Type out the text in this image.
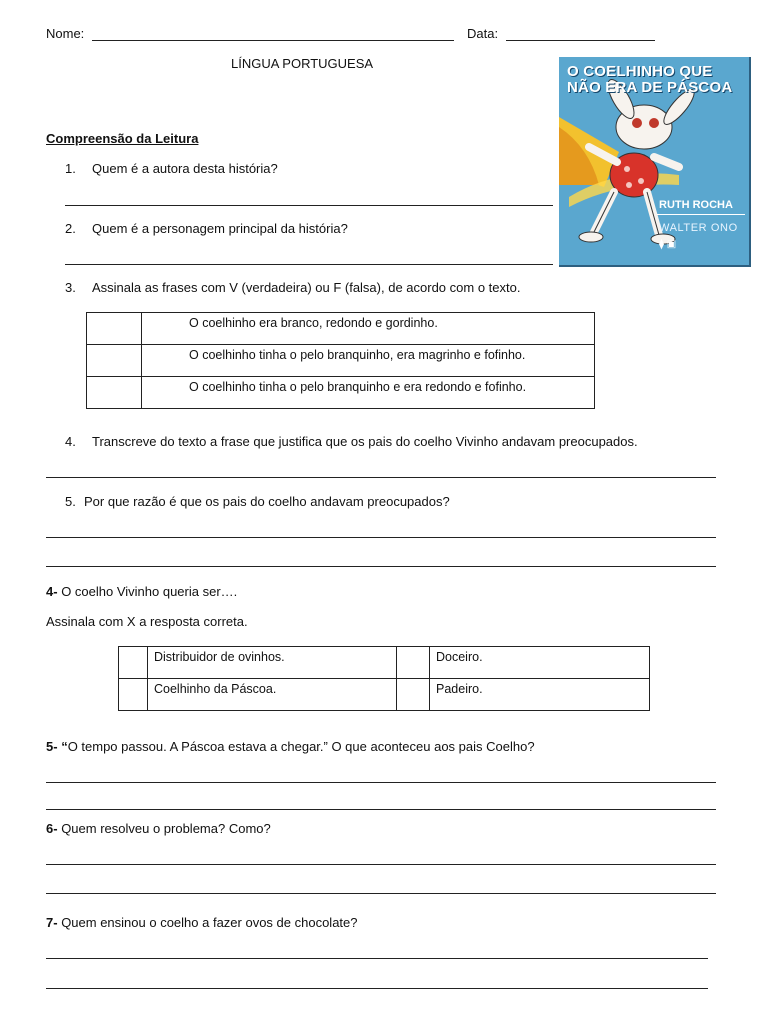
Nome:	Data:
LÍNGUA PORTUGUESA	O COELHINHO QUE
NÃO ERA DE PÁSCOA
RUTH ROCHA
WALTER ONO
⧫ ▣
Compreensão da Leitura
1. Quem é a autora desta história?
2. Quem é a personagem principal da história?
3. Assinala as frases com V (verdadeira) ou F (falsa), de acordo com o texto.
	O coelhinho era branco, redondo e gordinho.
	O coelhinho tinha o pelo branquinho, era magrinho e fofinho.
	O coelhinho tinha o pelo branquinho e era redondo e fofinho.
4. Transcreve do texto a frase que justifica que os pais do coelho Vivinho andavam preocupados.
5. Por que razão é que os pais do coelho andavam preocupados?
4- O coelho Vivinho queria ser….
Assinala com X a resposta correta.
	Distribuidor de ovinhos.		Doceiro.
	Coelhinho da Páscoa.		Padeiro.
5- “O tempo passou. A Páscoa estava a chegar.” O que aconteceu aos pais Coelho?
6- Quem resolveu o problema? Como?
7- Quem ensinou o coelho a fazer ovos de chocolate?
